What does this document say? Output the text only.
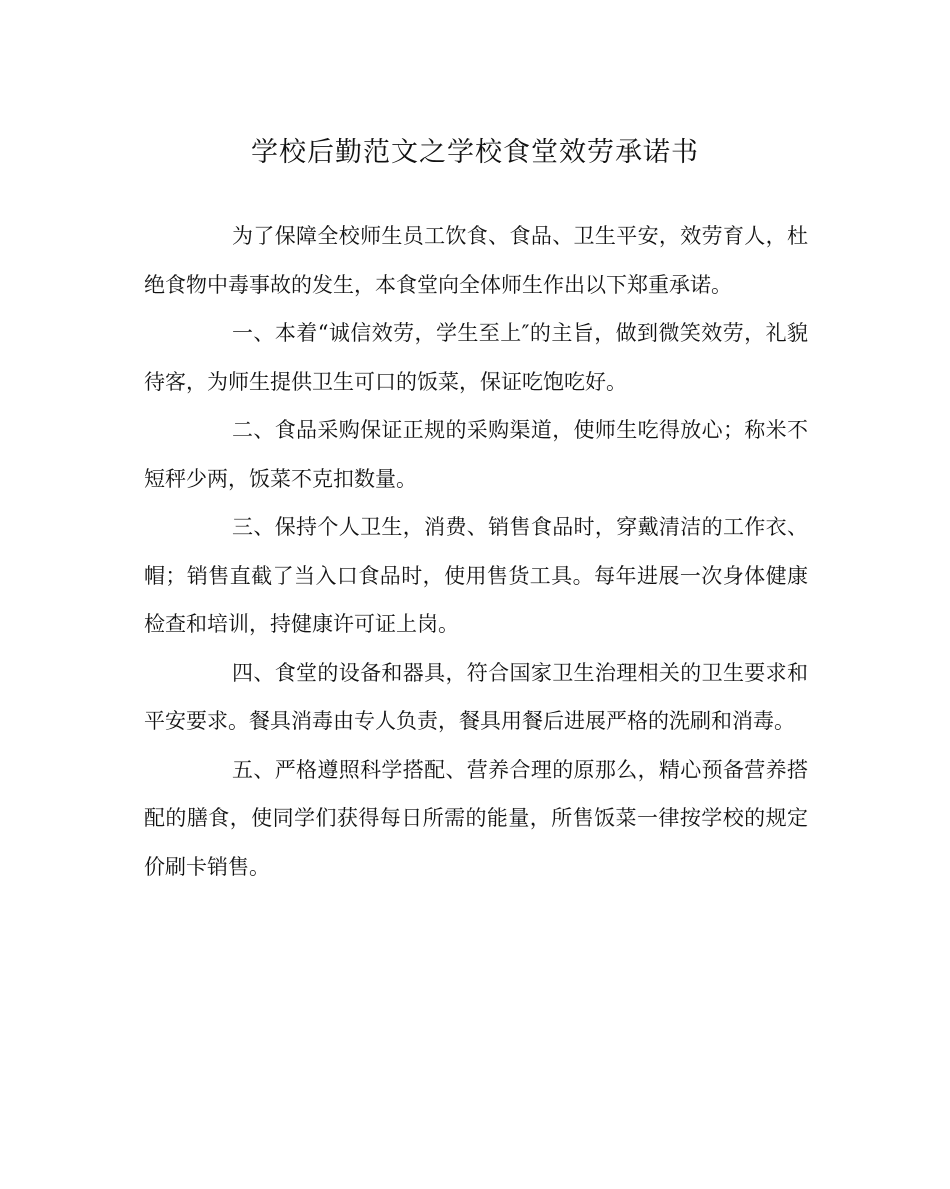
学校后勤范文之学校食堂效劳承诺书

为了保障全校师生员工饮食、食品、卫生平安，效劳育人，杜绝食物中毒事故的发生，本食堂向全体师生作出以下郑重承诺。

一、本着“诚信效劳，学生至上″的主旨，做到微笑效劳，礼貌待客，为师生提供卫生可口的饭菜，保证吃饱吃好。

二、食品采购保证正规的采购渠道，使师生吃得放心；称米不短秤少两，饭菜不克扣数量。

三、保持个人卫生，消费、销售食品时，穿戴清洁的工作衣、帽；销售直截了当入口食品时，使用售货工具。每年进展一次身体健康检查和培训，持健康许可证上岗。

四、食堂的设备和器具，符合国家卫生治理相关的卫生要求和平安要求。餐具消毒由专人负责，餐具用餐后进展严格的洗刷和消毒。

五、严格遵照科学搭配、营养合理的原那么，精心预备营养搭配的膳食，使同学们获得每日所需的能量，所售饭菜一律按学校的规定价刷卡销售。
